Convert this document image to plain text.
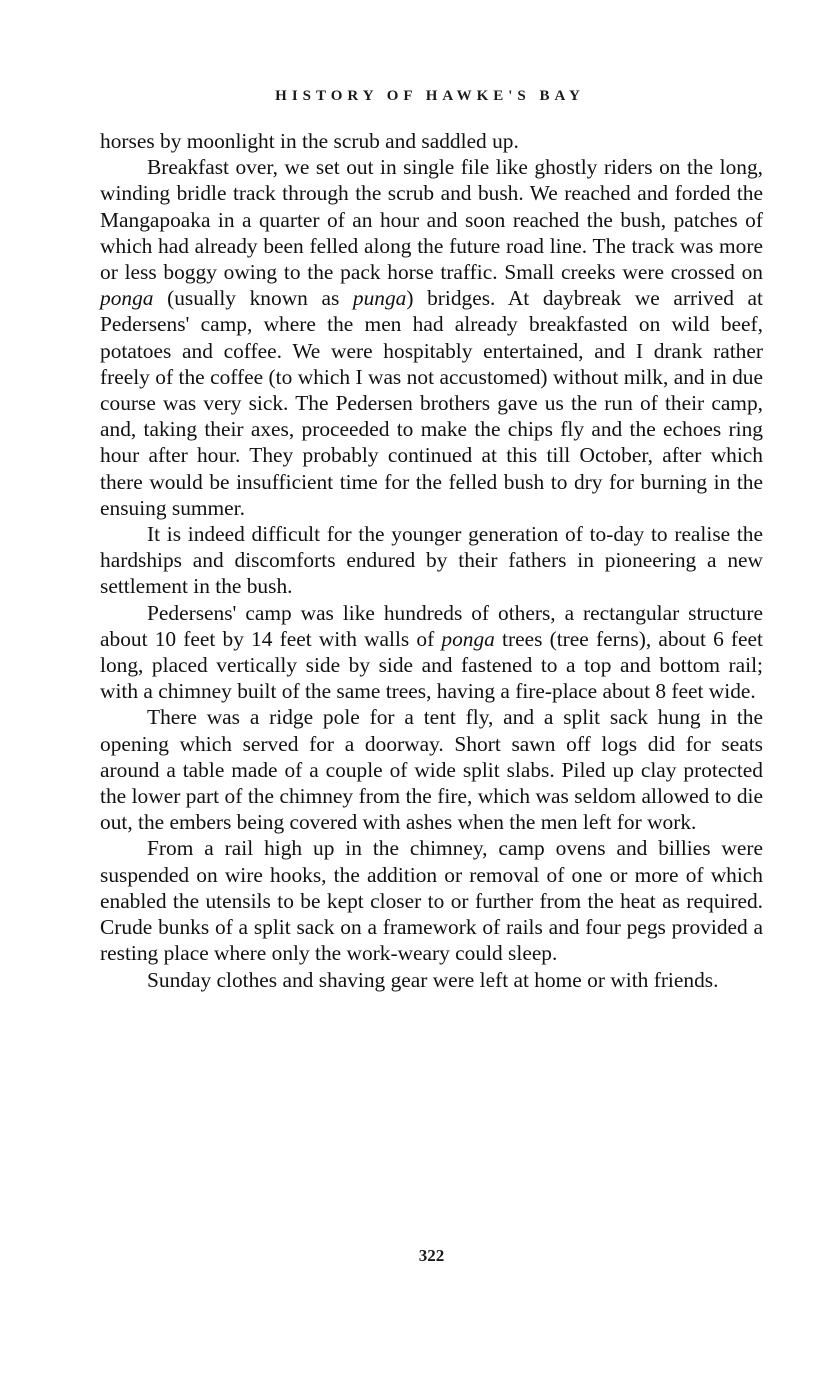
HISTORY OF HAWKE'S BAY

horses by moonlight in the scrub and saddled up.

Breakfast over, we set out in single file like ghostly riders on the long, winding bridle track through the scrub and bush. We reached and forded the Mangapoaka in a quarter of an hour and soon reached the bush, patches of which had already been felled along the future road line. The track was more or less boggy owing to the pack horse traffic. Small creeks were crossed on ponga (usually known as punga) bridges. At daybreak we arrived at Pedersens' camp, where the men had already breakfasted on wild beef, potatoes and coffee. We were hospitably entertained, and I drank rather freely of the coffee (to which I was not accustomed) without milk, and in due course was very sick. The Pedersen brothers gave us the run of their camp, and, taking their axes, proceeded to make the chips fly and the echoes ring hour after hour. They probably continued at this till October, after which there would be insufficient time for the felled bush to dry for burning in the ensuing summer.

It is indeed difficult for the younger generation of to-day to realise the hardships and discomforts endured by their fathers in pioneering a new settlement in the bush.

Pedersens' camp was like hundreds of others, a rectangular structure about 10 feet by 14 feet with walls of ponga trees (tree ferns), about 6 feet long, placed vertically side by side and fastened to a top and bottom rail; with a chimney built of the same trees, having a fire-place about 8 feet wide.

There was a ridge pole for a tent fly, and a split sack hung in the opening which served for a doorway. Short sawn off logs did for seats around a table made of a couple of wide split slabs. Piled up clay protected the lower part of the chimney from the fire, which was seldom allowed to die out, the embers being covered with ashes when the men left for work.

From a rail high up in the chimney, camp ovens and billies were suspended on wire hooks, the addition or removal of one or more of which enabled the utensils to be kept closer to or further from the heat as required. Crude bunks of a split sack on a framework of rails and four pegs provided a resting place where only the work-weary could sleep.

Sunday clothes and shaving gear were left at home or with friends.

322
